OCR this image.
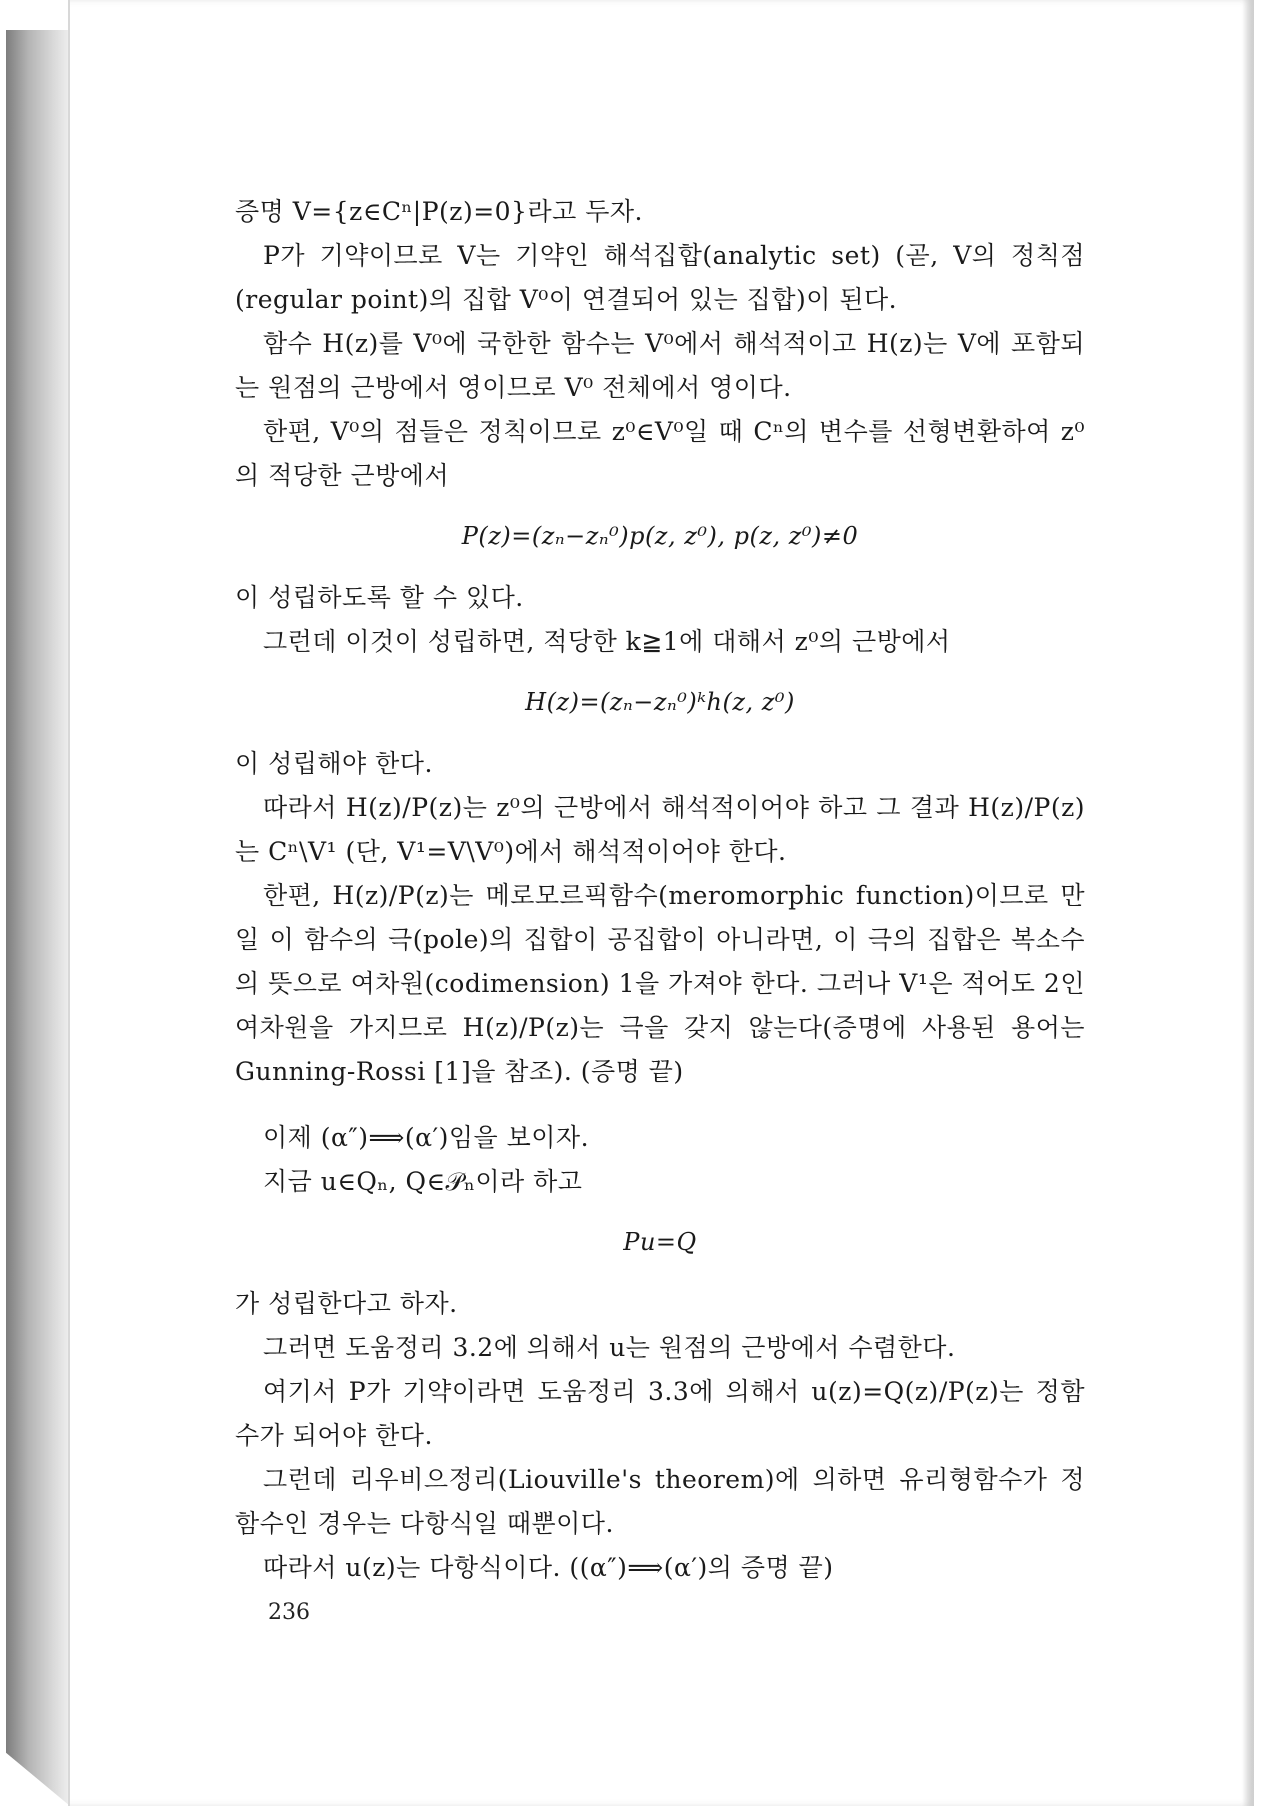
증명 V={z∈Cⁿ|P(z)=0}라고 두자.

P가 기약이므로 V는 기약인 해석집합(analytic set) (곧, V의 정칙점(regular point)의 집합 V⁰이 연결되어 있는 집합)이 된다.

함수 H(z)를 V⁰에 국한한 함수는 V⁰에서 해석적이고 H(z)는 V에 포함되는 원점의 근방에서 영이므로 V⁰ 전체에서 영이다.

한편, V⁰의 점들은 정칙이므로 z⁰∈V⁰일 때 Cⁿ의 변수를 선형변환하여 z⁰의 적당한 근방에서

P(z)=(zₙ−zₙ⁰)p(z, z⁰), p(z, z⁰)≠0

이 성립하도록 할 수 있다.

그런데 이것이 성립하면, 적당한 k≧1에 대해서 z⁰의 근방에서

H(z)=(zₙ−zₙ⁰)ᵏh(z, z⁰)

이 성립해야 한다.

따라서 H(z)/P(z)는 z⁰의 근방에서 해석적이어야 하고 그 결과 H(z)/P(z)는 Cⁿ\V¹ (단, V¹=V\V⁰)에서 해석적이어야 한다.

한편, H(z)/P(z)는 메로모르픽함수(meromorphic function)이므로 만일 이 함수의 극(pole)의 집합이 공집합이 아니라면, 이 극의 집합은 복소수의 뜻으로 여차원(codimension) 1을 가져야 한다. 그러나 V¹은 적어도 2인 여차원을 가지므로 H(z)/P(z)는 극을 갖지 않는다(증명에 사용된 용어는 Gunning-Rossi [1]을 참조). (증명 끝)

이제 (α″)⟹(α′)임을 보이자.

지금 u∈Qₙ, Q∈𝒫ₙ이라 하고

Pu=Q

가 성립한다고 하자.

그러면 도움정리 3.2에 의해서 u는 원점의 근방에서 수렴한다.

여기서 P가 기약이라면 도움정리 3.3에 의해서 u(z)=Q(z)/P(z)는 정함수가 되어야 한다.

그런데 리우비으정리(Liouville's theorem)에 의하면 유리형함수가 정함수인 경우는 다항식일 때뿐이다.

따라서 u(z)는 다항식이다. ((α″)⟹(α′)의 증명 끝)

236
